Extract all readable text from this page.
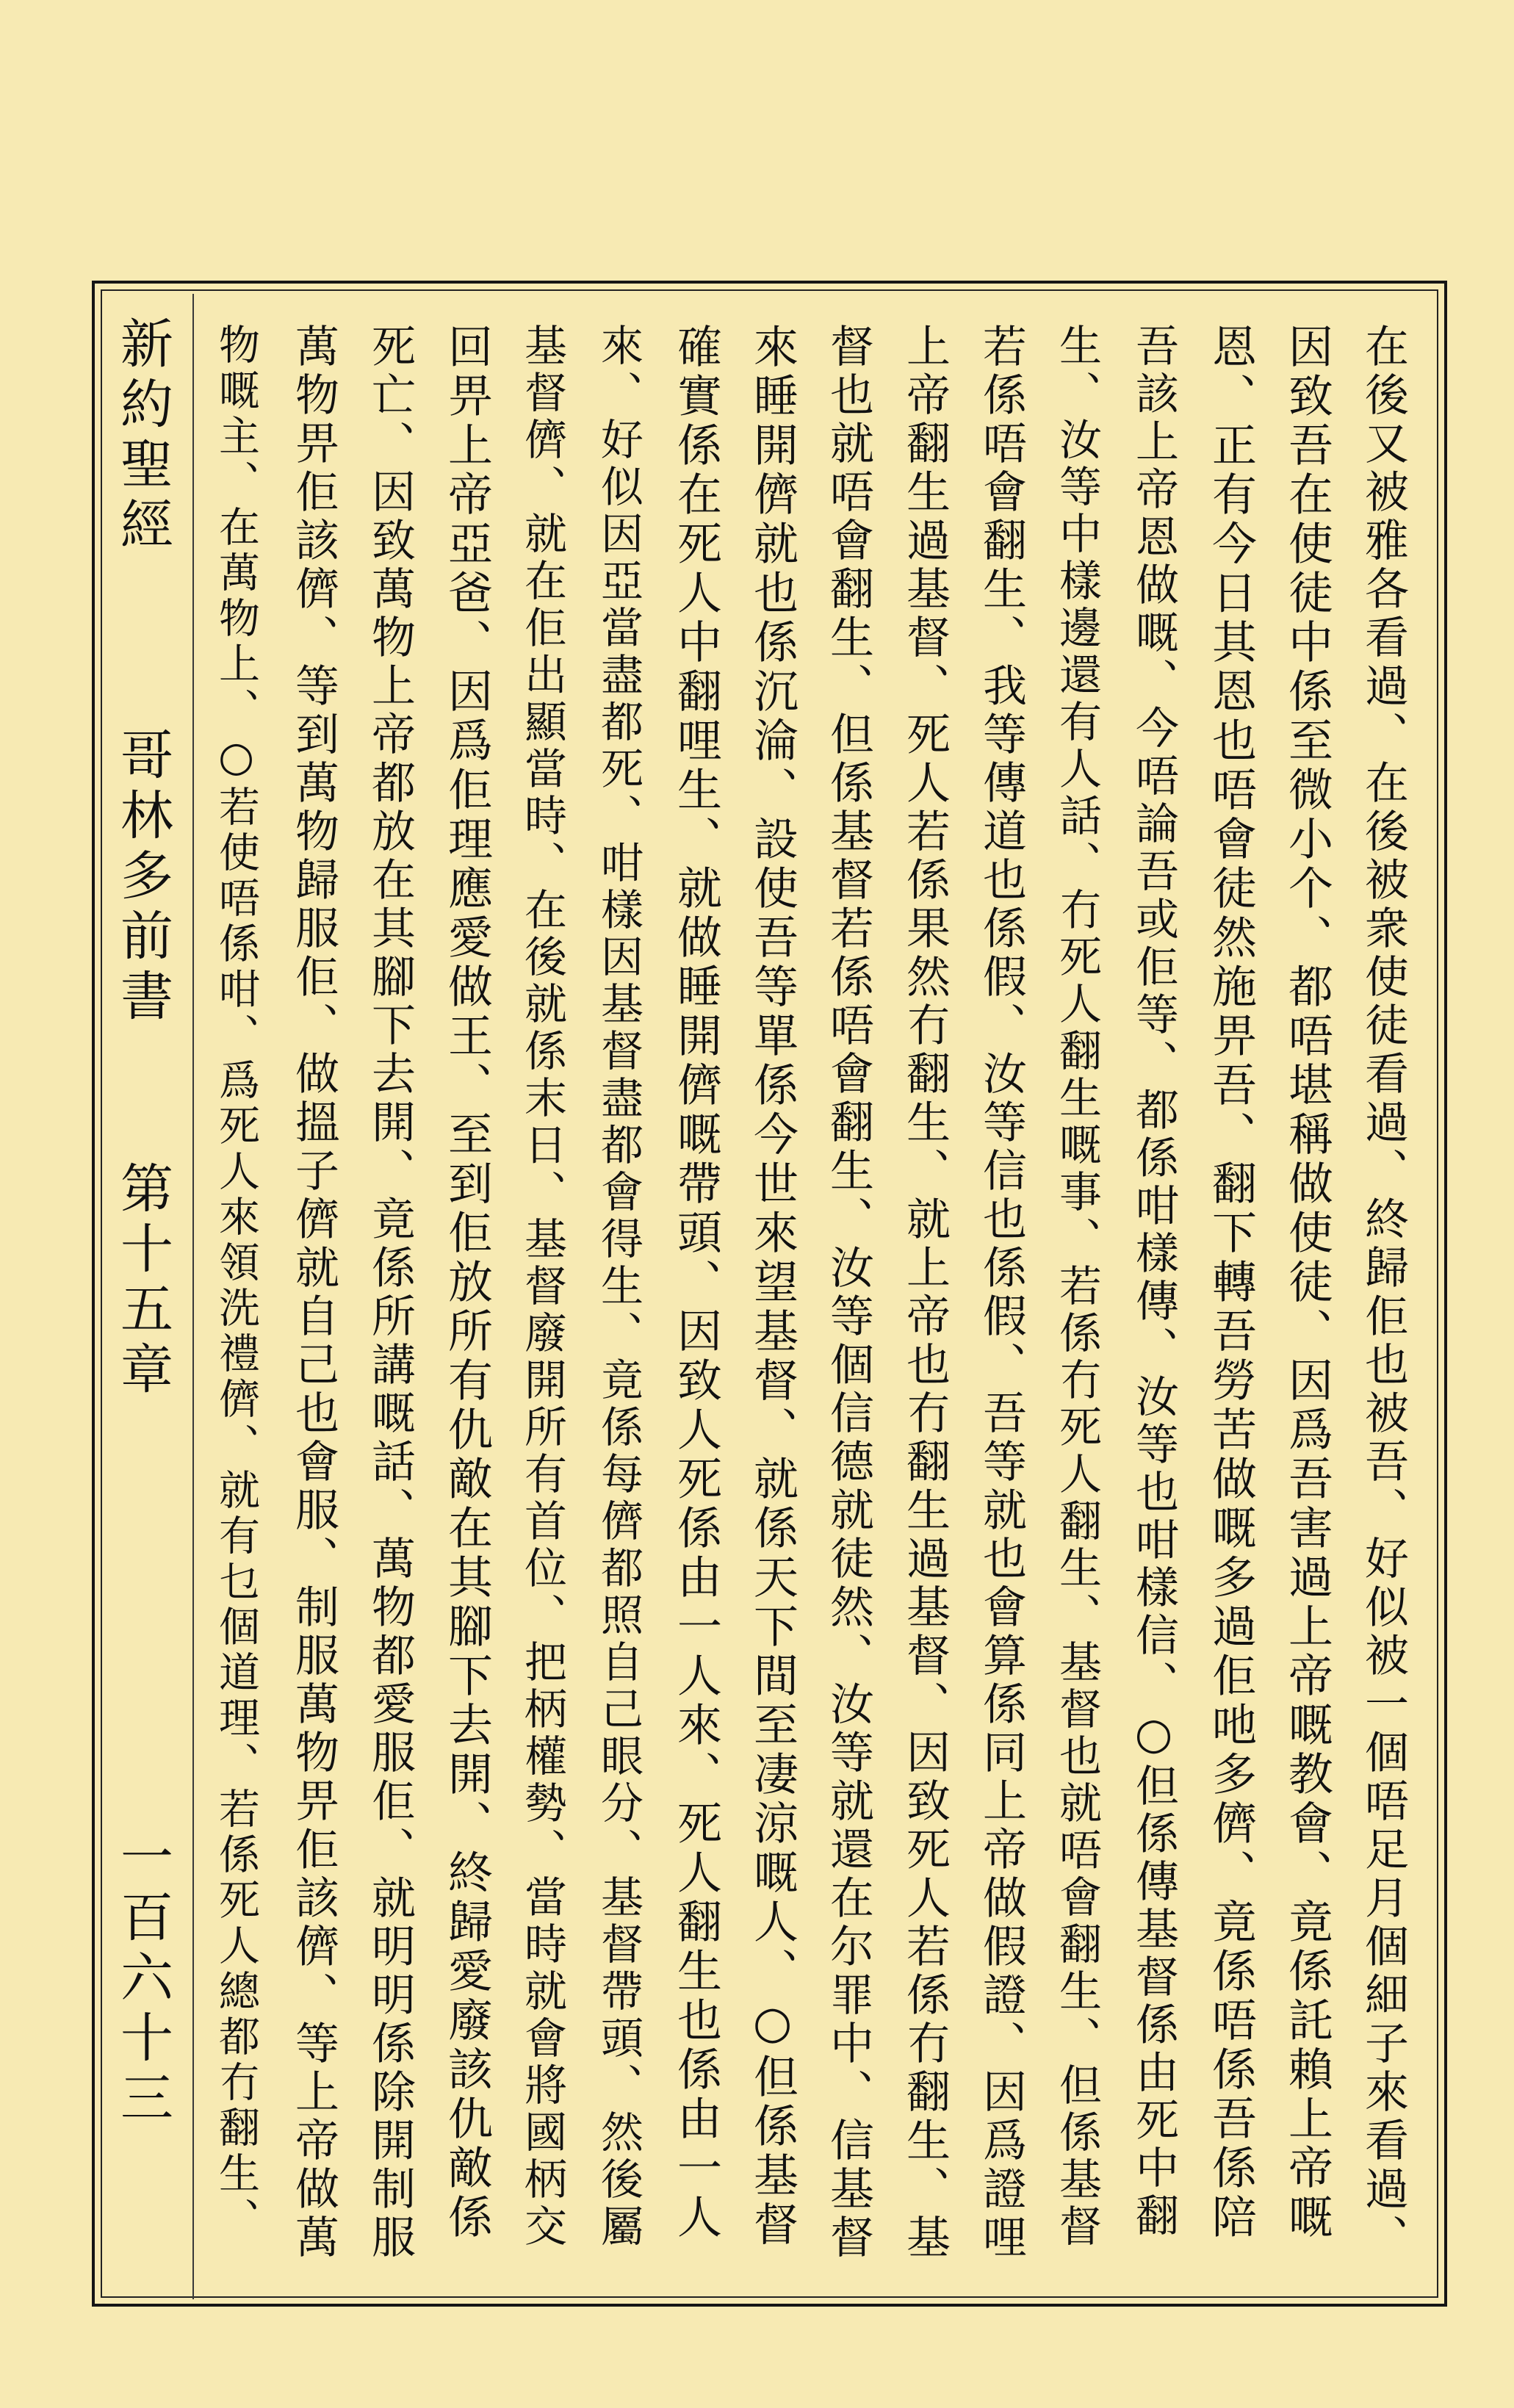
新約聖經
哥林多前書
第十五章
一百六十三	在後又被雅各看過、在後被衆使徒看過、終歸佢也被吾、好似被一個唔足月個細子來看過、
因致吾在使徒中係至微小个、都唔堪稱做使徒、因爲吾害過上帝嘅教會、竟係託賴上帝嘅
恩、正有今日其恩也唔會徒然施畀吾、翻下轉吾勞苦做嘅多過佢吔多儕、竟係唔係吾係陪
吾該上帝恩做嘅、今唔論吾或佢等、都係咁樣傳、汝等也咁樣信、○但係傳基督係由死中翻
生、汝等中樣邊還有人話、冇死人翻生嘅事、若係冇死人翻生、基督也就唔會翻生、但係基督
若係唔會翻生、我等傳道也係假、汝等信也係假、吾等就也會算係同上帝做假證、因爲證哩
上帝翻生過基督、死人若係果然冇翻生、就上帝也冇翻生過基督、因致死人若係冇翻生、基
督也就唔會翻生、但係基督若係唔會翻生、汝等個信德就徒然、汝等就還在尔罪中、信基督
來睡開儕就也係沉淪、設使吾等單係今世來望基督、就係天下間至凄涼嘅人、○但係基督
確實係在死人中翻哩生、就做睡開儕嘅帶頭、因致人死係由一人來、死人翻生也係由一人
來、好似因亞當盡都死、咁樣因基督盡都會得生、竟係每儕都照自己眼分、基督帶頭、然後屬
基督儕、就在佢出顯當時、在後就係末日、基督廢開所有首位、把柄權勢、當時就會將國柄交
回畀上帝亞爸、因爲佢理應愛做王、至到佢放所有仇敵在其腳下去開、終歸愛廢該仇敵係
死亡、因致萬物上帝都放在其腳下去開、竟係所講嘅話、萬物都愛服佢、就明明係除開制服
萬物畀佢該儕、等到萬物歸服佢、做搵子儕就自己也會服、制服萬物畀佢該儕、等上帝做萬
物嘅主、在萬物上、○若使唔係咁、爲死人來領洗禮儕、就有乜個道理、若係死人總都冇翻生、
